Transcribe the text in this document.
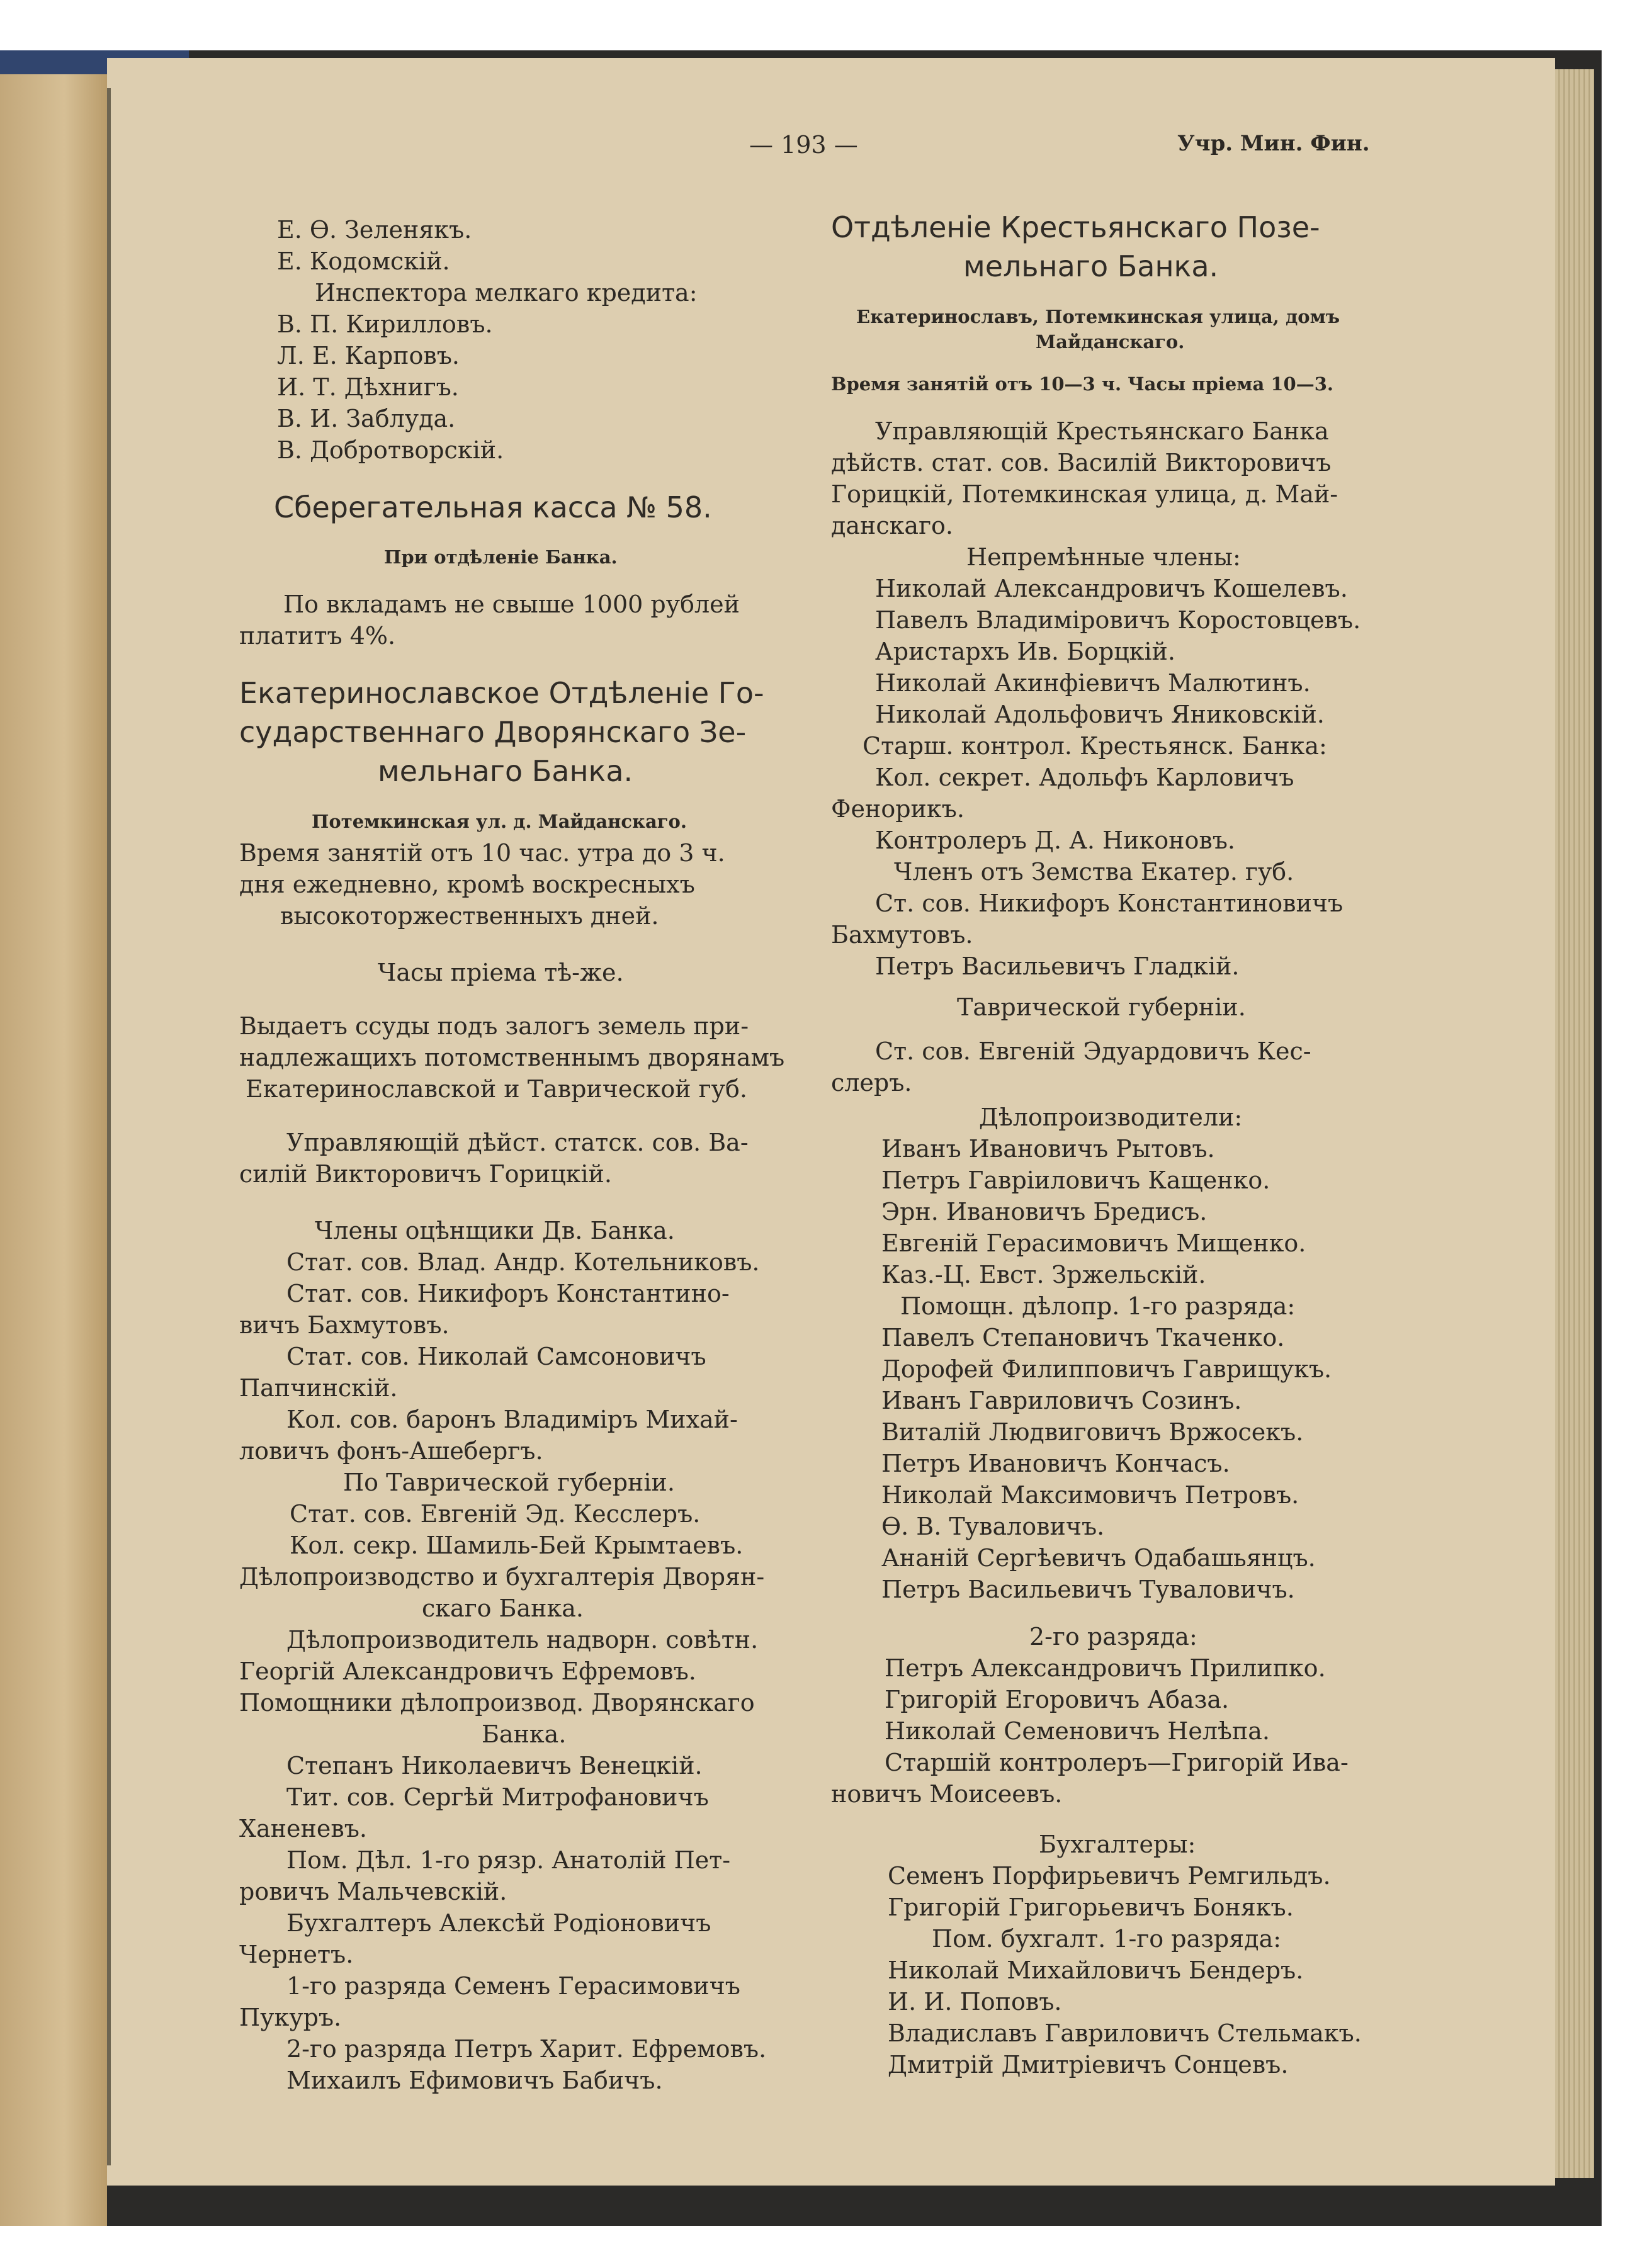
— 193 —	Учр. Мин. Фин.
Е. Ѳ. Зеленякъ.
Е. Кодомскій.
Инспектора мелкаго кредита:
В. П. Кирилловъ.
Л. Е. Карповъ.
И. Т. Дѣхнигъ.
В. И. Заблуда.
В. Добротворскій.
Сберегательная касса № 58.
При отдѣленіе Банка.
По вкладамъ не свыше 1000 рублей
платитъ 4%.
Екатеринославское Отдѣленіе Го-
сударственнаго Дворянскаго Зе-
мельнаго Банка.
Потемкинская ул. д. Майданскаго.
Время занятій отъ 10 час. утра до 3 ч.
дня ежедневно, кромѣ воскресныхъ
высокоторжественныхъ дней.
Часы пріема тѣ-же.
Выдаетъ ссуды подъ залогъ земель при-
надлежащихъ потомственнымъ дворянамъ
Екатеринославской и Таврической губ.
Управляющій дѣйст. статск. сов. Ва-
силій Викторовичъ Горицкій.
Члены оцѣнщики Дв. Банка.
Стат. сов. Влад. Андр. Котельниковъ.
Стат. сов. Никифоръ Константино-
вичъ Бахмутовъ.
Стат. сов. Николай Самсоновичъ
Папчинскій.
Кол. сов. баронъ Владиміръ Михай-
ловичъ фонъ-Ашебергъ.
По Таврической губерніи.
Стат. сов. Евгеній Эд. Кесслеръ.
Кол. секр. Шамиль-Бей Крымтаевъ.
Дѣлопроизводство и бухгалтерія Дворян-
скаго Банка.
Дѣлопроизводитель надворн. совѣтн.
Георгій Александровичъ Ефремовъ.
Помощники дѣлопроизвод. Дворянскаго
Банка.
Степанъ Николаевичъ Венецкій.
Тит. сов. Сергѣй Митрофановичъ
Ханеневъ.
Пом. Дѣл. 1-го рязр. Анатолій Пет-
ровичъ Мальчевскій.
Бухгалтеръ Алексѣй Родіоновичъ
Чернетъ.
1-го разряда Семенъ Герасимовичъ
Пукуръ.
2-го разряда Петръ Харит. Ефремовъ.
Михаилъ Ефимовичъ Бабичъ.
Отдѣленіе Крестьянскаго Позе-
мельнаго Банка.
Екатеринославъ, Потемкинская улица, домъ
Майданскаго.
Время занятій отъ 10—3 ч. Часы пріема 10—3.
Управляющій Крестьянскаго Банка
дѣйств. стат. сов. Василій Викторовичъ
Горицкій, Потемкинская улица, д. Май-
данскаго.
Непремѣнные члены:
Николай Александровичъ Кошелевъ.
Павелъ Владиміровичъ Коростовцевъ.
Аристархъ Ив. Борцкій.
Николай Акинфіевичъ Малютинъ.
Николай Адольфовичъ Яниковскій.
Старш. контрол. Крестьянск. Банка:
Кол. секрет. Адольфъ Карловичъ
Фенорикъ.
Контролеръ Д. А. Никоновъ.
Членъ отъ Земства Екатер. губ.
Ст. сов. Никифоръ Константиновичъ
Бахмутовъ.
Петръ Васильевичъ Гладкій.
Таврической губерніи.
Ст. сов. Евгеній Эдуардовичъ Кес-
слеръ.
Дѣлопроизводители:
Иванъ Ивановичъ Рытовъ.
Петръ Гавріиловичъ Кащенко.
Эрн. Ивановичъ Бредисъ.
Евгеній Герасимовичъ Мищенко.
Каз.-Ц. Евст. Зржельскій.
Помощн. дѣлопр. 1-го разряда:
Павелъ Степановичъ Ткаченко.
Дорофей Филипповичъ Гаврищукъ.
Иванъ Гавриловичъ Созинъ.
Виталій Людвиговичъ Вржосекъ.
Петръ Ивановичъ Кончасъ.
Николай Максимовичъ Петровъ.
Ѳ. В. Туваловичъ.
Ананій Сергѣевичъ Одабашьянцъ.
Петръ Васильевичъ Туваловичъ.
2-го разряда:
Петръ Александровичъ Прилипко.
Григорій Егоровичъ Абаза.
Николай Семеновичъ Нелѣпа.
Старшій контролеръ—Григорій Ива-
новичъ Моисеевъ.
Бухгалтеры:
Семенъ Порфирьевичъ Ремгильдъ.
Григорій Григорьевичъ Бонякъ.
Пом. бухгалт. 1-го разряда:
Николай Михайловичъ Бендеръ.
И. И. Поповъ.
Владиславъ Гавриловичъ Стельмакъ.
Дмитрій Дмитріевичъ Сонцевъ.
